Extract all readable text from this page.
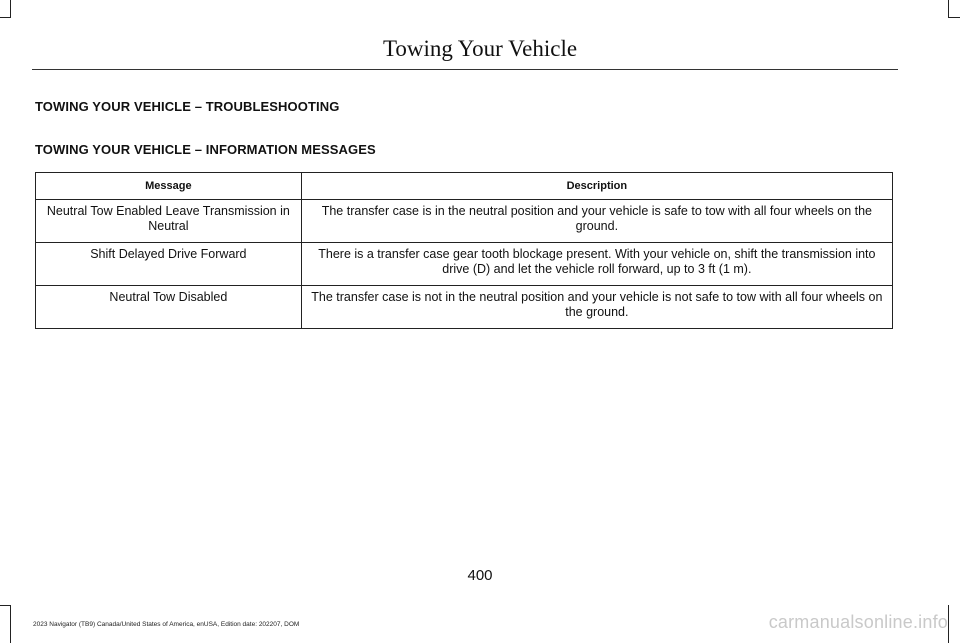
Towing Your Vehicle
TOWING YOUR VEHICLE – TROUBLESHOOTING
TOWING YOUR VEHICLE – INFORMATION MESSAGES
Message	Description
Neutral Tow Enabled Leave Transmission in Neutral	The transfer case is in the neutral position and your vehicle is safe to tow with all four wheels on the ground.
Shift Delayed Drive Forward	There is a transfer case gear tooth blockage present. With your vehicle on, shift the transmission into drive (D) and let the vehicle roll forward, up to 3 ft (1 m).
Neutral Tow Disabled	The transfer case is not in the neutral position and your vehicle is not safe to tow with all four wheels on the ground.
400
2023 Navigator (TB9) Canada/United States of America, enUSA, Edition date: 202207, DOM	carmanualsonline.info
